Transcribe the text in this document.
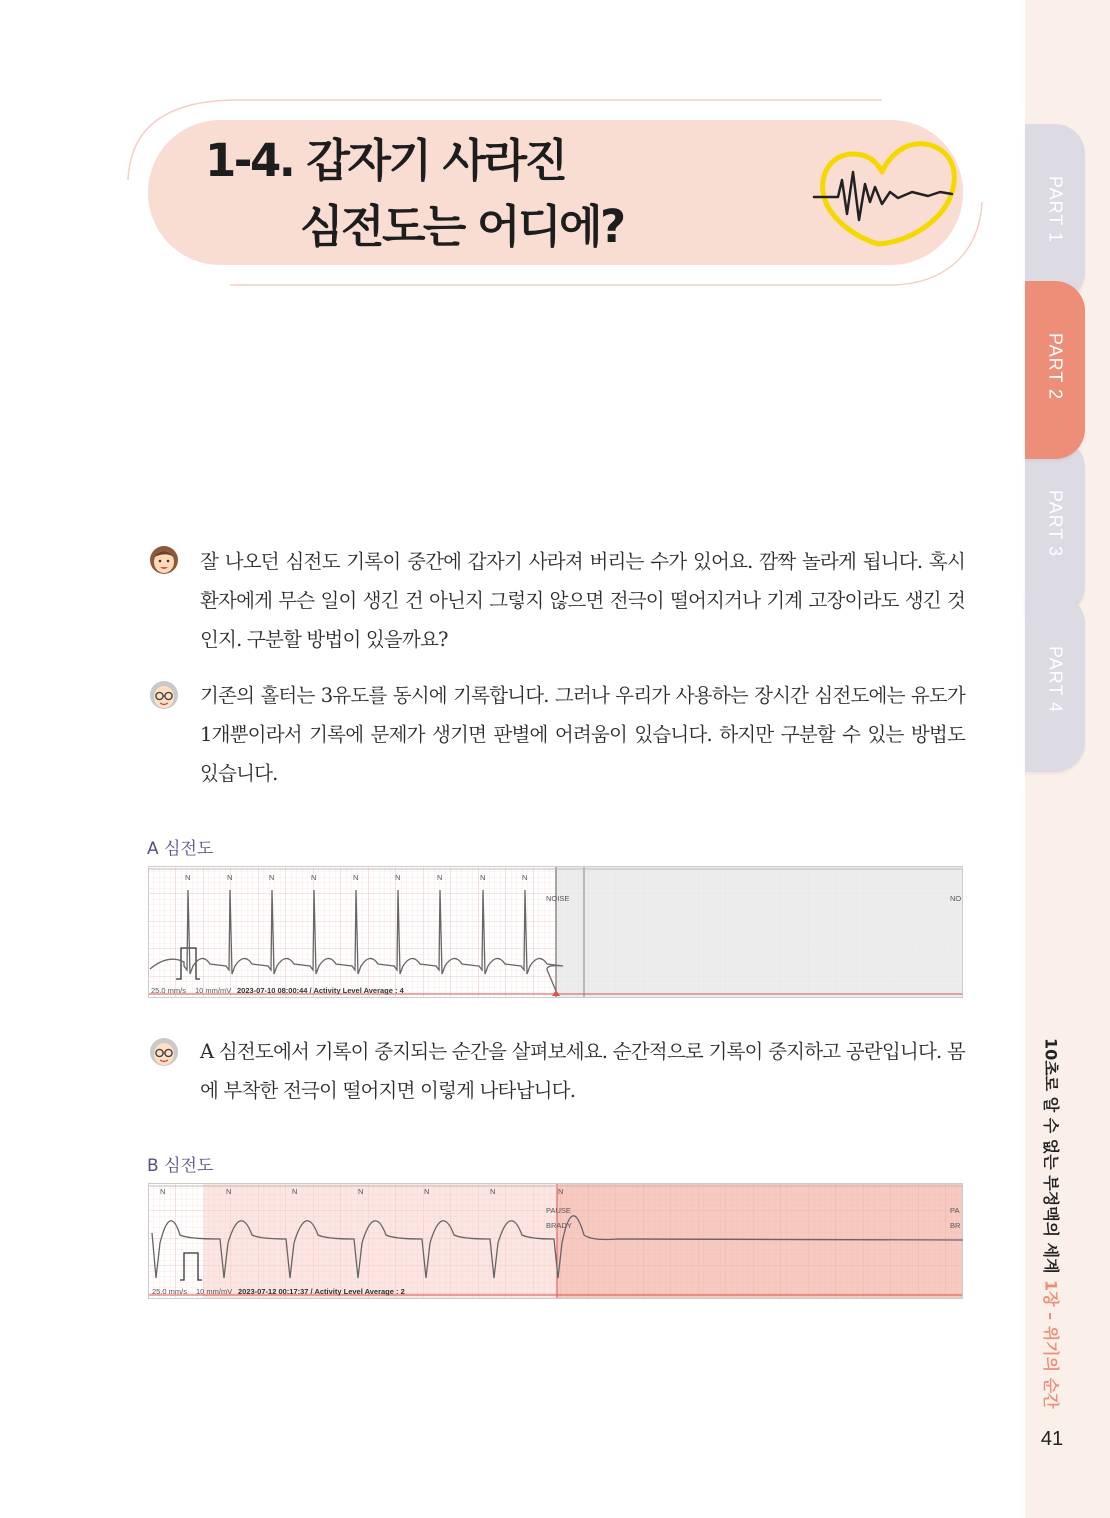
PART 1
PART 3
PART 4
PART 2
10초로 알 수 없는 부정맥의 세계
1장 – 위기의 순간
41
1-4. 갑자기 사라진
심전도는 어디에?
잘 나오던 심전도 기록이 중간에 갑자기 사라져 버리는 수가 있어요. 깜짝 놀라게 됩니다. 혹시 환자에게 무슨 일이 생긴 건 아닌지 그렇지 않으면 전극이 떨어지거나 기계 고장이라도 생긴 것인지. 구분할 방법이 있을까요?
기존의 홀터는 3유도를 동시에 기록합니다. 그러나 우리가 사용하는 장시간 심전도에는 유도가 1개뿐이라서 기록에 문제가 생기면 판별에 어려움이 있습니다. 하지만 구분할 수 있는 방법도 있습니다.
A 심전도
N	N	N	N	N	N	N	N	N
NOISE	NO
25.0 mm/s 10 mm/mV 2023-07-10 08:00:44 / Activity Level Average : 4
A 심전도에서 기록이 중지되는 순간을 살펴보세요. 순간적으로 기록이 중지하고 공란입니다. 몸에 부착한 전극이 떨어지면 이렇게 나타납니다.
B 심전도
N	N	N	N	N	N	N
PAUSE
BRADY
PA
BR
25.0 mm/s 10 mm/mV 2023-07-12 00:17:37 / Activity Level Average : 2
